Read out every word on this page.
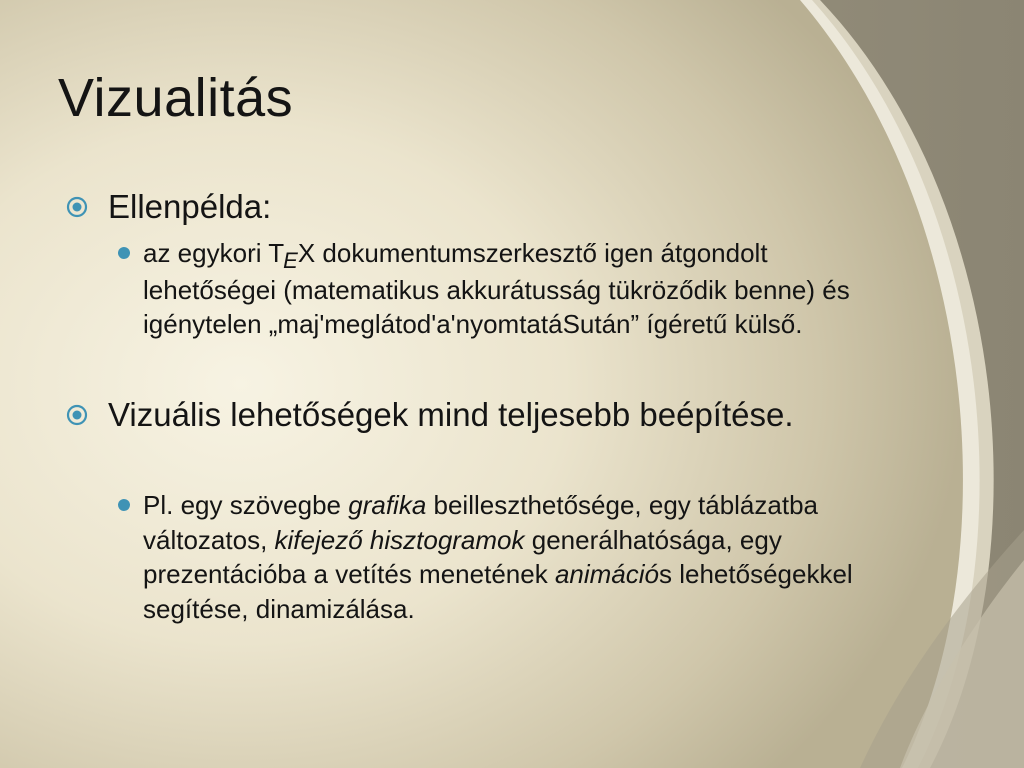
Vizualitás
Ellenpélda:
az egykori $T_EX$ dokumentumszerkesztő igen átgondolt lehetőségei (matematikus akkurátusság tükröződik benne) és igénytelen „maj'meglátod'a'nyomtatáSután” ígéretű külső.
Vizuális lehetőségek mind teljesebb beépítése.
Pl. egy szövegbe grafika beilleszthetősége, egy táblázatba változatos, kifejező hisztogramok generálhatósága, egy prezentációba a vetítés menetének animációs lehetőségekkel segítése, dinamizálása.
